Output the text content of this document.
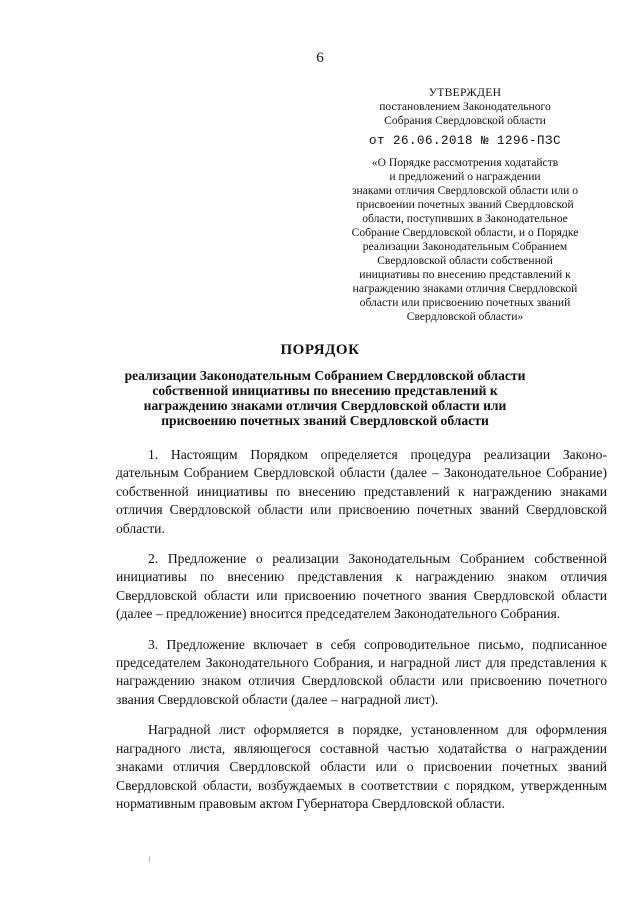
6
УТВЕРЖДЕН
постановлением Законодательного
Собрания Свердловской области
от 26.06.2018 № 1296-ПЗС
«О Порядке рассмотрения ходатайств
и предложений о награждении
знаками отличия Свердловской области или о
присвоении почетных званий Свердловской
области, поступивших в Законодательное
Собрание Свердловской области, и о Порядке
реализации Законодательным Собранием
Свердловской области собственной
инициативы по внесению представлений к
награждению знаками отличия Свердловской
области или присвоению почетных званий
Свердловской области»
ПОРЯДОК
реализации Законодательным Собранием Свердловской области
собственной инициативы по внесению представлений к
награждению знаками отличия Свердловской области или
присвоению почетных званий Свердловской области

1. Настоящим Порядком определяется процедура реализации Законодательным Собранием Свердловской области (далее – Законодательное Собрание) собственной инициативы по внесению представлений к награждению знаками отличия Свердловской области или присвоению почетных званий Свердловской области.

2. Предложение о реализации Законодательным Собранием собственной инициативы по внесению представления к награждению знаком отличия Свердловской области или присвоению почетного звания Свердловской области (далее – предложение) вносится председателем Законодательного Собрания.

3. Предложение включает в себя сопроводительное письмо, подписанное председателем Законодательного Собрания, и наградной лист для представления к награждению знаком отличия Свердловской области или присвоению почетного звания Свердловской области (далее – наградной лист).

Наградной лист оформляется в порядке, установленном для оформления наградного листа, являющегося составной частью ходатайства о награждении знаками отличия Свердловской области или о присвоении почетных званий Свердловской области, возбуждаемых в соответствии с порядком, утвержденным нормативным правовым актом Губернатора Свердловской области.
